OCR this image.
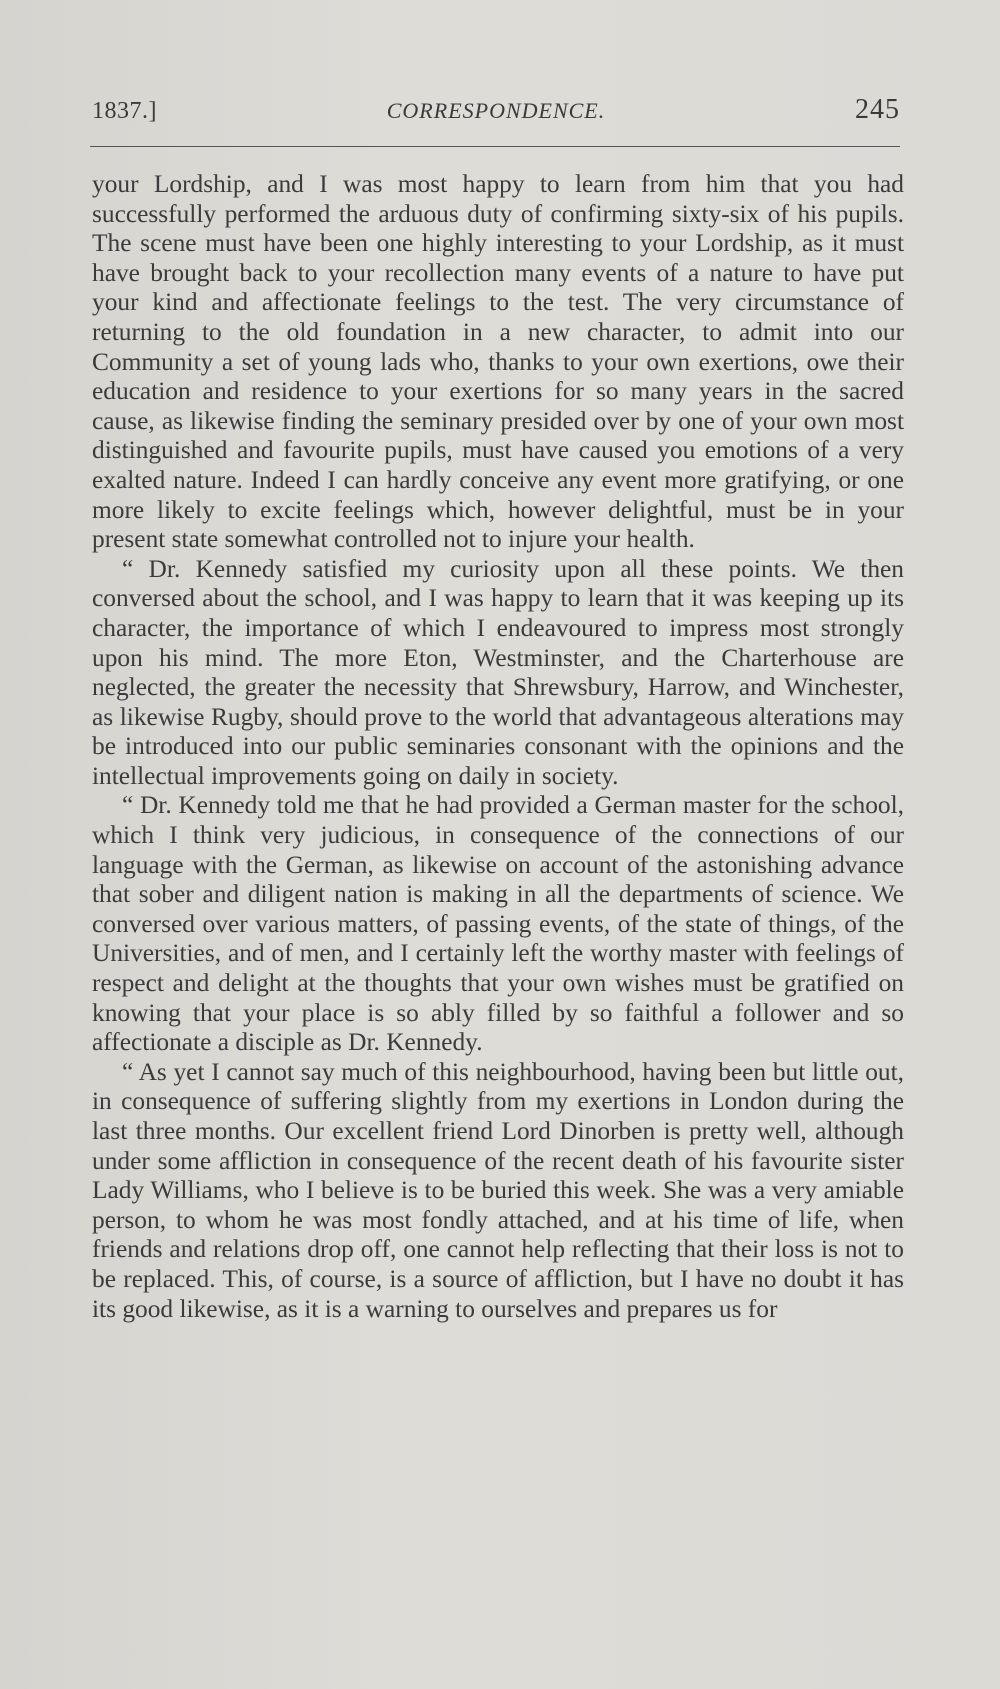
1837.]	CORRESPONDENCE.	245

your Lordship, and I was most happy to learn from him that you had successfully performed the arduous duty of confirming sixty-six of his pupils. The scene must have been one highly interesting to your Lordship, as it must have brought back to your recollection many events of a nature to have put your kind and affectionate feelings to the test. The very circumstance of returning to the old foundation in a new character, to admit into our Community a set of young lads who, thanks to your own exertions, owe their education and residence to your exertions for so many years in the sacred cause, as likewise finding the seminary presided over by one of your own most distinguished and favourite pupils, must have caused you emotions of a very exalted nature. Indeed I can hardly conceive any event more gratifying, or one more likely to excite feelings which, however delightful, must be in your present state somewhat controlled not to injure your health.

“ Dr. Kennedy satisfied my curiosity upon all these points. We then conversed about the school, and I was happy to learn that it was keeping up its character, the importance of which I endeavoured to impress most strongly upon his mind. The more Eton, Westminster, and the Charterhouse are neglected, the greater the necessity that Shrewsbury, Harrow, and Winchester, as likewise Rugby, should prove to the world that advantageous alterations may be introduced into our public seminaries consonant with the opinions and the intellectual improvements going on daily in society.

“ Dr. Kennedy told me that he had provided a German master for the school, which I think very judicious, in consequence of the connections of our language with the German, as likewise on account of the astonishing advance that sober and diligent nation is making in all the departments of science. We conversed over various matters, of passing events, of the state of things, of the Universities, and of men, and I certainly left the worthy master with feelings of respect and delight at the thoughts that your own wishes must be gratified on knowing that your place is so ably filled by so faithful a follower and so affectionate a disciple as Dr. Kennedy.

“ As yet I cannot say much of this neighbourhood, having been but little out, in consequence of suffering slightly from my exertions in London during the last three months. Our excellent friend Lord Dinorben is pretty well, although under some affliction in consequence of the recent death of his favourite sister Lady Williams, who I believe is to be buried this week. She was a very amiable person, to whom he was most fondly attached, and at his time of life, when friends and relations drop off, one cannot help reflecting that their loss is not to be replaced. This, of course, is a source of affliction, but I have no doubt it has its good likewise, as it is a warning to ourselves and prepares us for
